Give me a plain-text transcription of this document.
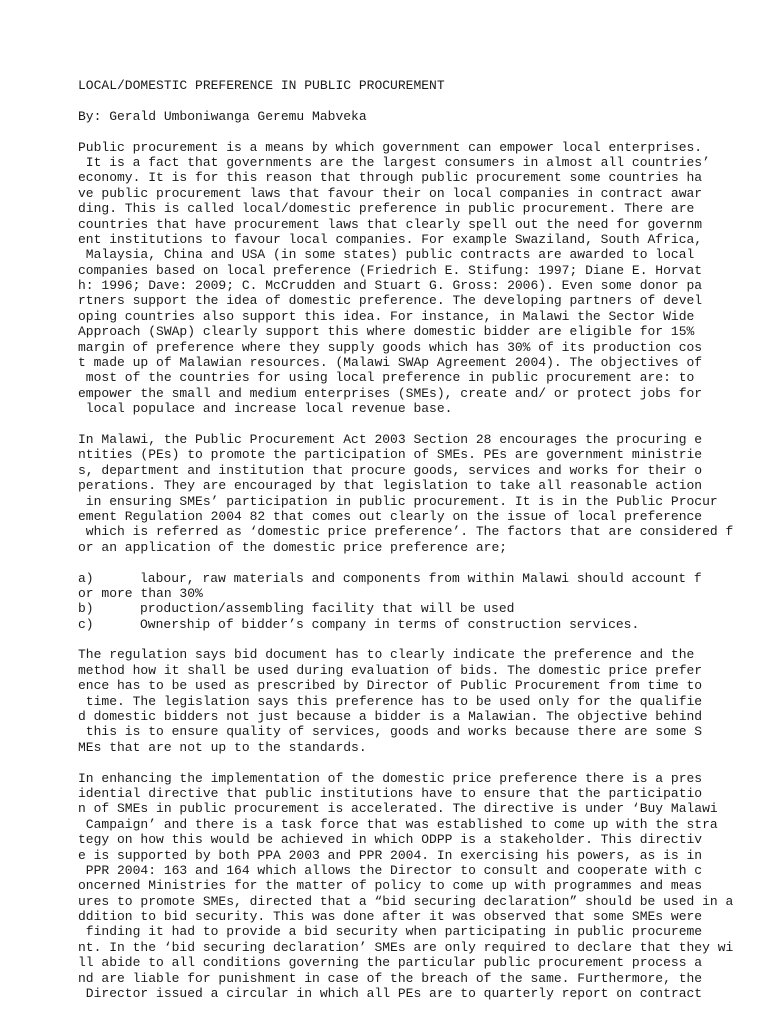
LOCAL/DOMESTIC PREFERENCE IN PUBLIC PROCUREMENT
By: Gerald Umboniwanga Geremu Mabveka
Public procurement is a means by which government can empower local enterprises.
It is a fact that governments are the largest consumers in almost all countries’
economy. It is for this reason that through public procurement some countries ha
ve public procurement laws that favour their on local companies in contract awar
ding. This is called local/domestic preference in public procurement. There are
countries that have procurement laws that clearly spell out the need for governm
ent institutions to favour local companies. For example Swaziland, South Africa,
Malaysia, China and USA (in some states) public contracts are awarded to local
companies based on local preference (Friedrich E. Stifung: 1997; Diane E. Horvat
h: 1996; Dave: 2009; C. McCrudden and Stuart G. Gross: 2006). Even some donor pa
rtners support the idea of domestic preference. The developing partners of devel
oping countries also support this idea. For instance, in Malawi the Sector Wide
Approach (SWAp) clearly support this where domestic bidder are eligible for 15%
margin of preference where they supply goods which has 30% of its production cos
t made up of Malawian resources. (Malawi SWAp Agreement 2004). The objectives of
most of the countries for using local preference in public procurement are: to
empower the small and medium enterprises (SMEs), create and/ or protect jobs for
local populace and increase local revenue base.
In Malawi, the Public Procurement Act 2003 Section 28 encourages the procuring e
ntities (PEs) to promote the participation of SMEs. PEs are government ministrie
s, department and institution that procure goods, services and works for their o
perations. They are encouraged by that legislation to take all reasonable action
in ensuring SMEs’ participation in public procurement. It is in the Public Procur
ement Regulation 2004 82 that comes out clearly on the issue of local preference
which is referred as ‘domestic price preference’. The factors that are considered f
or an application of the domestic price preference are;
a)	labour, raw materials and components from within Malawi should account f
or more than 30%
b)	production/assembling facility that will be used
c)	Ownership of bidder’s company in terms of construction services.
The regulation says bid document has to clearly indicate the preference and the
method how it shall be used during evaluation of bids. The domestic price prefer
ence has to be used as prescribed by Director of Public Procurement from time to
time. The legislation says this preference has to be used only for the qualifie
d domestic bidders not just because a bidder is a Malawian. The objective behind
this is to ensure quality of services, goods and works because there are some S
MEs that are not up to the standards.
In enhancing the implementation of the domestic price preference there is a pres
idential directive that public institutions have to ensure that the participatio
n of SMEs in public procurement is accelerated. The directive is under ‘Buy Malawi
Campaign’ and there is a task force that was established to come up with the stra
tegy on how this would be achieved in which ODPP is a stakeholder. This directiv
e is supported by both PPA 2003 and PPR 2004. In exercising his powers, as is in
PPR 2004: 163 and 164 which allows the Director to consult and cooperate with c
oncerned Ministries for the matter of policy to come up with programmes and meas
ures to promote SMEs, directed that a “bid securing declaration” should be used in a
ddition to bid security. This was done after it was observed that some SMEs were
finding it had to provide a bid security when participating in public procureme
nt. In the ‘bid securing declaration’ SMEs are only required to declare that they wi
ll abide to all conditions governing the particular public procurement process a
nd are liable for punishment in case of the breach of the same. Furthermore, the
Director issued a circular in which all PEs are to quarterly report on contract
